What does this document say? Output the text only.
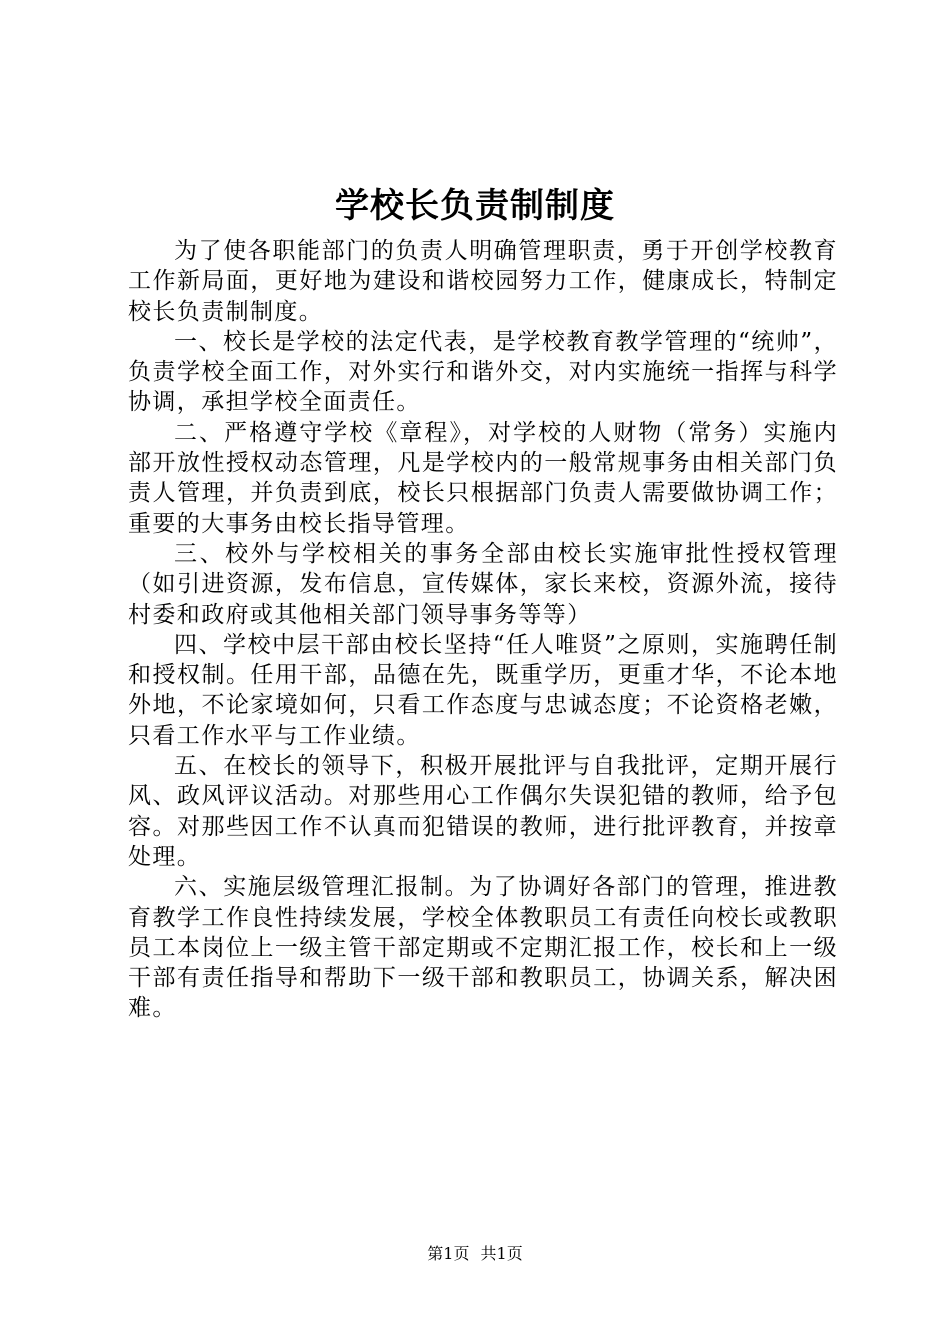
学校长负责制制度

为了使各职能部门的负责人明确管理职责，勇于开创学校教育工作新局面，更好地为建设和谐校园努力工作，健康成长，特制定校长负责制制度。

一、校长是学校的法定代表，是学校教育教学管理的“统帅”，负责学校全面工作，对外实行和谐外交，对内实施统一指挥与科学协调，承担学校全面责任。

二、严格遵守学校《章程》，对学校的人财物（常务）实施内部开放性授权动态管理，凡是学校内的一般常规事务由相关部门负责人管理，并负责到底，校长只根据部门负责人需要做协调工作；重要的大事务由校长指导管理。

三、校外与学校相关的事务全部由校长实施审批性授权管理（如引进资源，发布信息，宣传媒体，家长来校，资源外流，接待村委和政府或其他相关部门领导事务等等）

四、学校中层干部由校长坚持“任人唯贤”之原则，实施聘任制和授权制。任用干部，品德在先，既重学历，更重才华，不论本地外地，不论家境如何，只看工作态度与忠诚态度；不论资格老嫩，只看工作水平与工作业绩。

五、在校长的领导下，积极开展批评与自我批评，定期开展行风、政风评议活动。对那些用心工作偶尔失误犯错的教师，给予包容。对那些因工作不认真而犯错误的教师，进行批评教育，并按章处理。

六、实施层级管理汇报制。为了协调好各部门的管理，推进教育教学工作良性持续发展，学校全体教职员工有责任向校长或教职员工本岗位上一级主管干部定期或不定期汇报工作，校长和上一级干部有责任指导和帮助下一级干部和教职员工，协调关系，解决困难。

第1页 共1页
